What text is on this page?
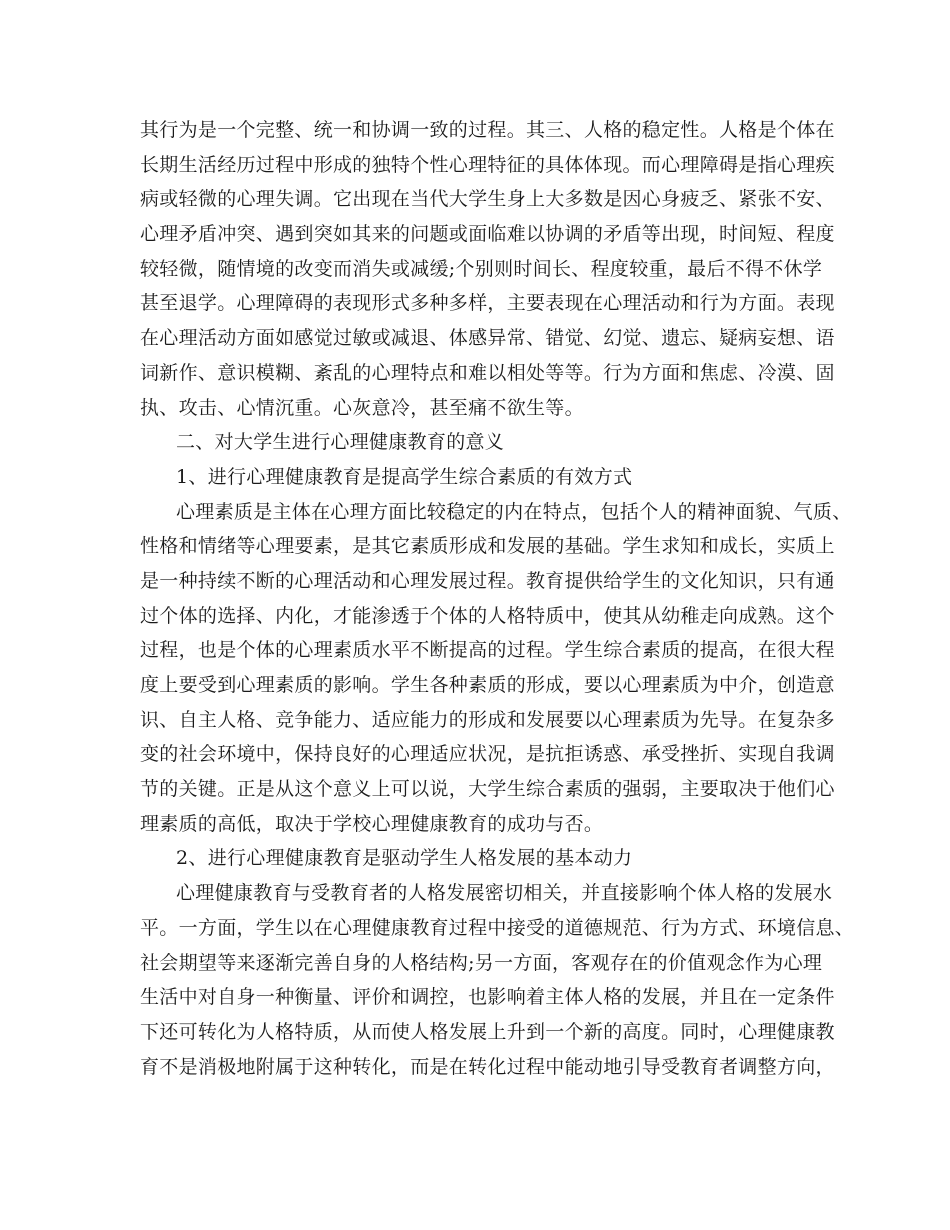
其行为是一个完整、统一和协调一致的过程。其三、人格的稳定性。人格是个体在
长期生活经历过程中形成的独特个性心理特征的具体体现。而心理障碍是指心理疾
病或轻微的心理失调。它出现在当代大学生身上大多数是因心身疲乏、紧张不安、
心理矛盾冲突、遇到突如其来的问题或面临难以协调的矛盾等出现，时间短、程度
较轻微，随情境的改变而消失或减缓;个别则时间长、程度较重，最后不得不休学
甚至退学。心理障碍的表现形式多种多样，主要表现在心理活动和行为方面。表现
在心理活动方面如感觉过敏或减退、体感异常、错觉、幻觉、遗忘、疑病妄想、语
词新作、意识模糊、紊乱的心理特点和难以相处等等。行为方面和焦虑、冷漠、固
执、攻击、心情沉重。心灰意冷，甚至痛不欲生等。
二、对大学生进行心理健康教育的意义
1、进行心理健康教育是提高学生综合素质的有效方式
心理素质是主体在心理方面比较稳定的内在特点，包括个人的精神面貌、气质、
性格和情绪等心理要素，是其它素质形成和发展的基础。学生求知和成长，实质上
是一种持续不断的心理活动和心理发展过程。教育提供给学生的文化知识，只有通
过个体的选择、内化，才能渗透于个体的人格特质中，使其从幼稚走向成熟。这个
过程，也是个体的心理素质水平不断提高的过程。学生综合素质的提高，在很大程
度上要受到心理素质的影响。学生各种素质的形成，要以心理素质为中介，创造意
识、自主人格、竞争能力、适应能力的形成和发展要以心理素质为先导。在复杂多
变的社会环境中，保持良好的心理适应状况，是抗拒诱惑、承受挫折、实现自我调
节的关键。正是从这个意义上可以说，大学生综合素质的强弱，主要取决于他们心
理素质的高低，取决于学校心理健康教育的成功与否。
2、进行心理健康教育是驱动学生人格发展的基本动力
心理健康教育与受教育者的人格发展密切相关，并直接影响个体人格的发展水
平。一方面，学生以在心理健康教育过程中接受的道德规范、行为方式、环境信息、
社会期望等来逐渐完善自身的人格结构;另一方面，客观存在的价值观念作为心理
生活中对自身一种衡量、评价和调控，也影响着主体人格的发展，并且在一定条件
下还可转化为人格特质，从而使人格发展上升到一个新的高度。同时，心理健康教
育不是消极地附属于这种转化，而是在转化过程中能动地引导受教育者调整方向，
